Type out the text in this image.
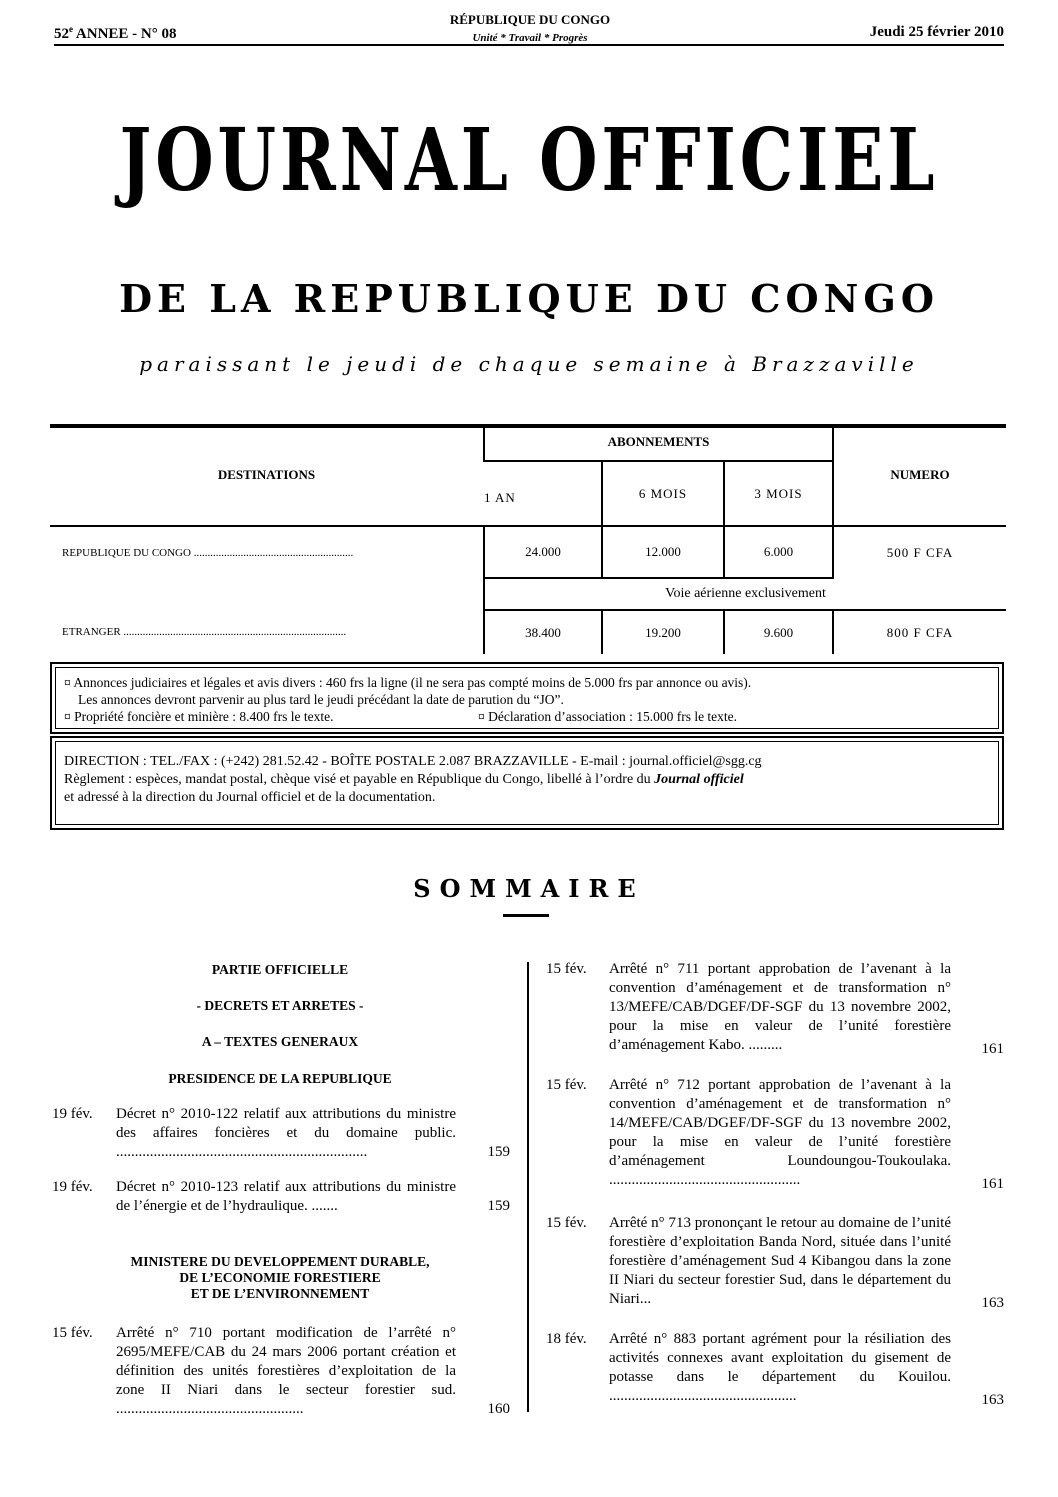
52e ANNEE - N° 08
RÉPUBLIQUE DU CONGO
Unité * Travail * Progrès	Jeudi 25 février 2010
JOURNAL OFFICIEL
DE LA REPUBLIQUE DU CONGO
paraissant le jeudi de chaque semaine à Brazzaville
DESTINATIONS	ABONNEMENTS			NUMERO
	1 AN	6 MOIS	3 MOIS	
REPUBLIQUE DU CONGO ..........................................................	24.000	12.000	6.000	500 F CFA
	Voie aérienne exclusivement			
ETRANGER .................................................................................	38.400	19.200	9.600	800 F CFA
¤ Annonces judiciaires et légales et avis divers : 460 frs la ligne (il ne sera pas compté moins de 5.000 frs par annonce ou avis).
Les annonces devront parvenir au plus tard le jeudi précédant la date de parution du “JO”.
¤ Propriété foncière et minière : 8.400 frs le texte.	¤ Déclaration d’association : 15.000 frs le texte.
DIRECTION : TEL./FAX : (+242) 281.52.42 - BOÎTE POSTALE 2.087 BRAZZAVILLE - E-mail : journal.officiel@sgg.cg
Règlement : espèces, mandat postal, chèque visé et payable en République du Congo, libellé à l’ordre du Journal officiel
et adressé à la direction du Journal officiel et de la documentation.
SOMMAIRE
PARTIE OFFICIELLE
- DECRETS ET ARRETES -
A – TEXTES GENERAUX
PRESIDENCE DE LA REPUBLIQUE
19 fév. Décret n° 2010-122 relatif aux attributions du ministre des affaires foncières et du domaine public. ...................................................................	159
19 fév. Décret n° 2010-123 relatif aux attributions du ministre de l’énergie et de l’hydraulique. .......	159
MINISTERE DU DEVELOPPEMENT DURABLE,
DE L’ECONOMIE FORESTIERE
ET DE L’ENVIRONNEMENT
15 fév. Arrêté n° 710 portant modification de l’arrêté n° 2695/MEFE/CAB du 24 mars 2006 portant création et définition des unités forestières d’exploitation de la zone II Niari dans le secteur forestier sud. ..................................................	160
15 fév. Arrêté n° 711 portant approbation de l’avenant à la convention d’aménagement et de transformation n° 13/MEFE/CAB/DGEF/DF-SGF du 13 novembre 2002, pour la mise en valeur de l’unité forestière d’aménagement Kabo. .........	161
15 fév. Arrêté n° 712 portant approbation de l’avenant à la convention d’aménagement et de transformation n° 14/MEFE/CAB/DGEF/DF-SGF du 13 novembre 2002, pour la mise en valeur de l’unité forestière d’aménagement Loundoungou-Toukoulaka. ...................................................	161
15 fév. Arrêté n° 713 prononçant le retour au domaine de l’unité forestière d’exploitation Banda Nord, située dans l’unité forestière d’aménagement Sud 4 Kibangou dans la zone II Niari du secteur forestier Sud, dans le département du Niari...	163
18 fév. Arrêté n° 883 portant agrément pour la résiliation des activités connexes avant exploitation du gisement de potasse dans le département du Kouilou. ..................................................	163
